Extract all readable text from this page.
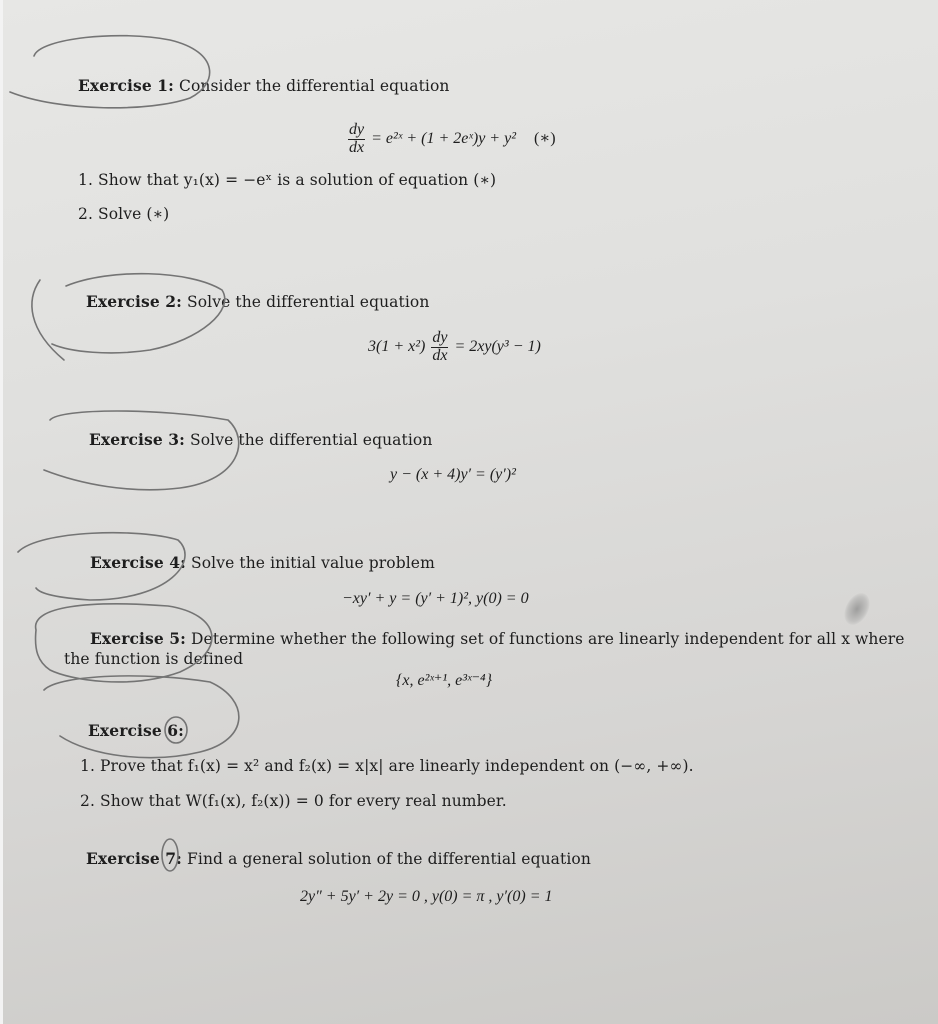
Exercise 1: Consider the differential equation
$\frac{dy}{dx}$ = e²ˣ + (1 + 2eˣ)y + y² (∗)
1. Show that y₁(x) = −eˣ is a solution of equation (∗)
2. Solve (∗)
Exercise 2: Solve the differential equation
$3(1 + x^2) \frac{dy}{dx} = 2xy(y^3 - 1)$
Exercise 3: Solve the differential equation
y − (x + 4)y′ = (y′)²
Exercise 4: Solve the initial value problem
−xy′ + y = (y′ + 1)², y(0) = 0
Exercise 5: Determine whether the following set of functions are linearly independent for all x where
the function is defined
{x, e²ˣ⁺¹, e³ˣ⁻⁴}
Exercise 6:
1. Prove that f₁(x) = x² and f₂(x) = x|x| are linearly independent on (−∞, +∞).
2. Show that W(f₁(x), f₂(x)) = 0 for every real number.
Exercise 7: Find a general solution of the differential equation
2y″ + 5y′ + 2y = 0 , y(0) = π , y′(0) = 1
